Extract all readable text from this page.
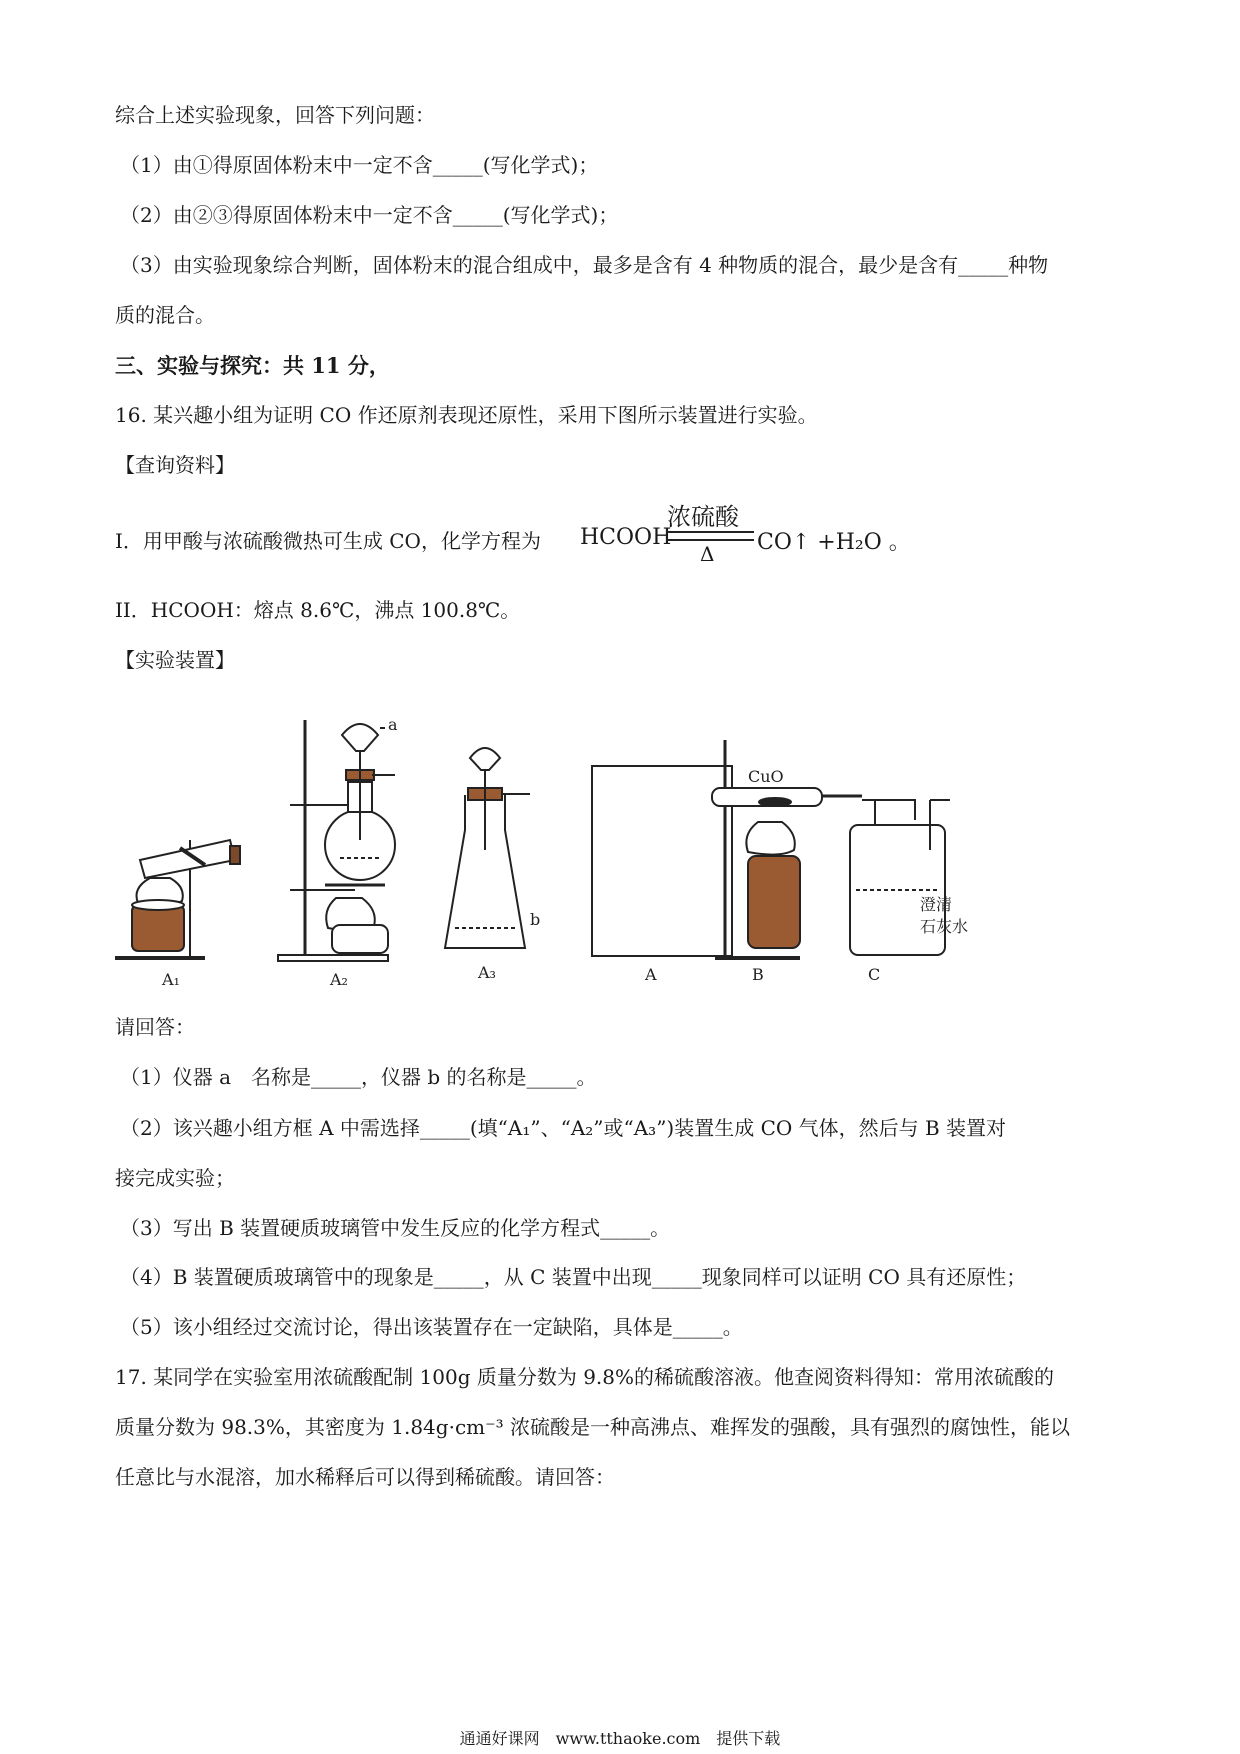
综合上述实验现象，回答下列问题：
（1）由①得原固体粉末中一定不含_____(写化学式)；
（2）由②③得原固体粉末中一定不含_____(写化学式)；
（3）由实验现象综合判断，固体粉末的混合组成中，最多是含有 4 种物质的混合，最少是含有_____种物
质的混合。
三、实验与探究：共 11 分，
16. 某兴趣小组为证明 CO 作还原剂表现还原性，采用下图所示装置进行实验。
【查询资料】
I．用甲酸与浓硫酸微热可生成 CO，化学方程为 HCOOH
浓硫酸
Δ CO↑ +H₂O 。
II．HCOOH：熔点 8.6℃，沸点 100.8℃。
【实验装置】
a
b
CuO
澄清
石灰水
A₁	A₂	A₃	A	B	C
请回答：
（1）仪器 a　名称是_____，仪器 b 的名称是_____。
（2）该兴趣小组方框 A 中需选择_____(填“A₁”、“A₂”或“A₃”)装置生成 CO 气体，然后与 B 装置对
接完成实验；
（3）写出 B 装置硬质玻璃管中发生反应的化学方程式_____。
（4）B 装置硬质玻璃管中的现象是_____，从 C 装置中出现_____现象同样可以证明 CO 具有还原性；
（5）该小组经过交流讨论，得出该装置存在一定缺陷，具体是_____。
17. 某同学在实验室用浓硫酸配制 100g 质量分数为 9.8%的稀硫酸溶液。他查阅资料得知：常用浓硫酸的
质量分数为 98.3%，其密度为 1.84g·cm⁻³ 浓硫酸是一种高沸点、难挥发的强酸，具有强烈的腐蚀性，能以
任意比与水混溶，加水稀释后可以得到稀硫酸。请回答：
通通好课网　www.tthaoke.com　提供下载
